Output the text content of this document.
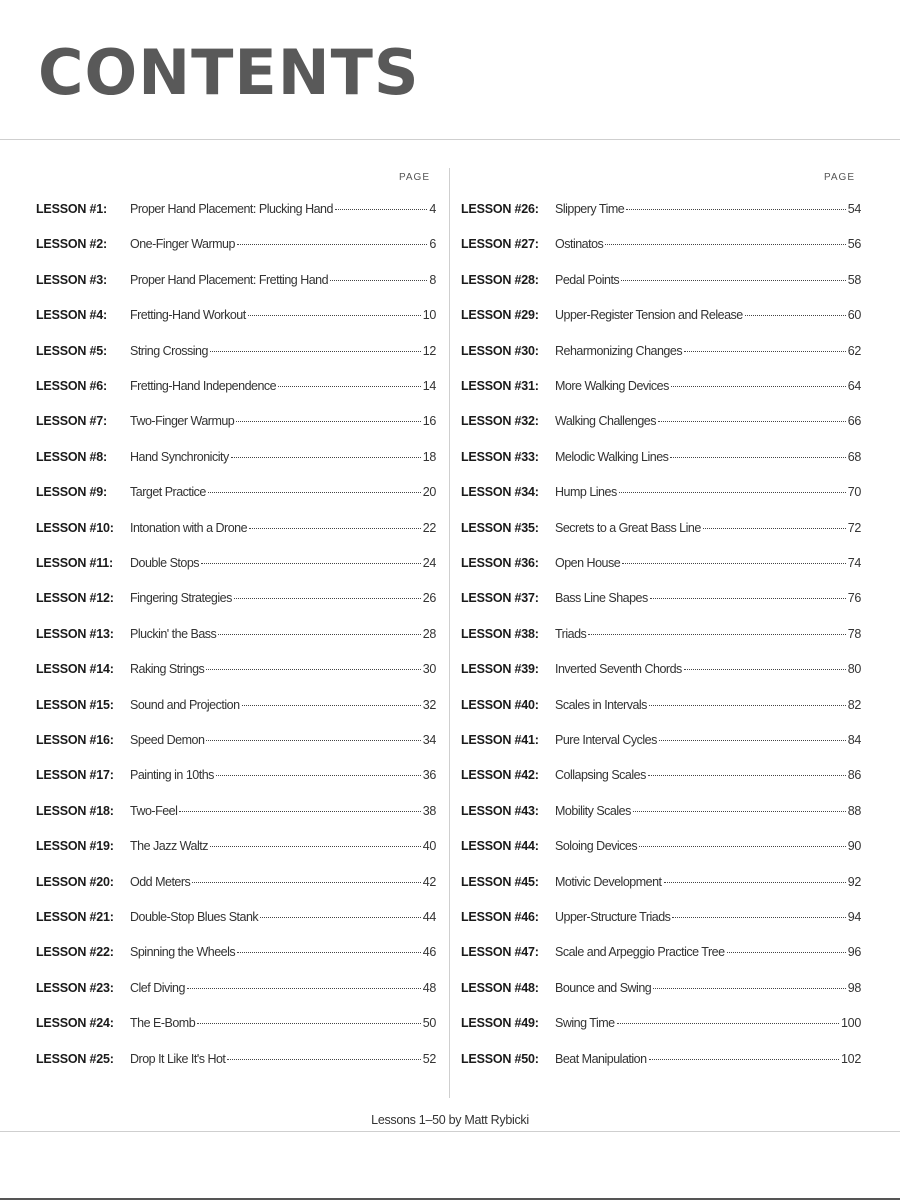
CONTENTS
PAGE
LESSON #1:	Proper Hand Placement: Plucking Hand	4
LESSON #2:	One-Finger Warmup	6
LESSON #3:	Proper Hand Placement: Fretting Hand	8
LESSON #4:	Fretting-Hand Workout	10
LESSON #5:	String Crossing	12
LESSON #6:	Fretting-Hand Independence	14
LESSON #7:	Two-Finger Warmup	16
LESSON #8:	Hand Synchronicity	18
LESSON #9:	Target Practice	20
LESSON #10:	Intonation with a Drone	22
LESSON #11:	Double Stops	24
LESSON #12:	Fingering Strategies	26
LESSON #13:	Pluckin' the Bass	28
LESSON #14:	Raking Strings	30
LESSON #15:	Sound and Projection	32
LESSON #16:	Speed Demon	34
LESSON #17:	Painting in 10ths	36
LESSON #18:	Two-Feel	38
LESSON #19:	The Jazz Waltz	40
LESSON #20:	Odd Meters	42
LESSON #21:	Double-Stop Blues Stank	44
LESSON #22:	Spinning the Wheels	46
LESSON #23:	Clef Diving	48
LESSON #24:	The E-Bomb	50
LESSON #25:	Drop It Like It's Hot	52
PAGE
LESSON #26:	Slippery Time	54
LESSON #27:	Ostinatos	56
LESSON #28:	Pedal Points	58
LESSON #29:	Upper-Register Tension and Release	60
LESSON #30:	Reharmonizing Changes	62
LESSON #31:	More Walking Devices	64
LESSON #32:	Walking Challenges	66
LESSON #33:	Melodic Walking Lines	68
LESSON #34:	Hump Lines	70
LESSON #35:	Secrets to a Great Bass Line	72
LESSON #36:	Open House	74
LESSON #37:	Bass Line Shapes	76
LESSON #38:	Triads	78
LESSON #39:	Inverted Seventh Chords	80
LESSON #40:	Scales in Intervals	82
LESSON #41:	Pure Interval Cycles	84
LESSON #42:	Collapsing Scales	86
LESSON #43:	Mobility Scales	88
LESSON #44:	Soloing Devices	90
LESSON #45:	Motivic Development	92
LESSON #46:	Upper-Structure Triads	94
LESSON #47:	Scale and Arpeggio Practice Tree	96
LESSON #48:	Bounce and Swing	98
LESSON #49:	Swing Time	100
LESSON #50:	Beat Manipulation	102
Lessons 1–50 by Matt Rybicki
